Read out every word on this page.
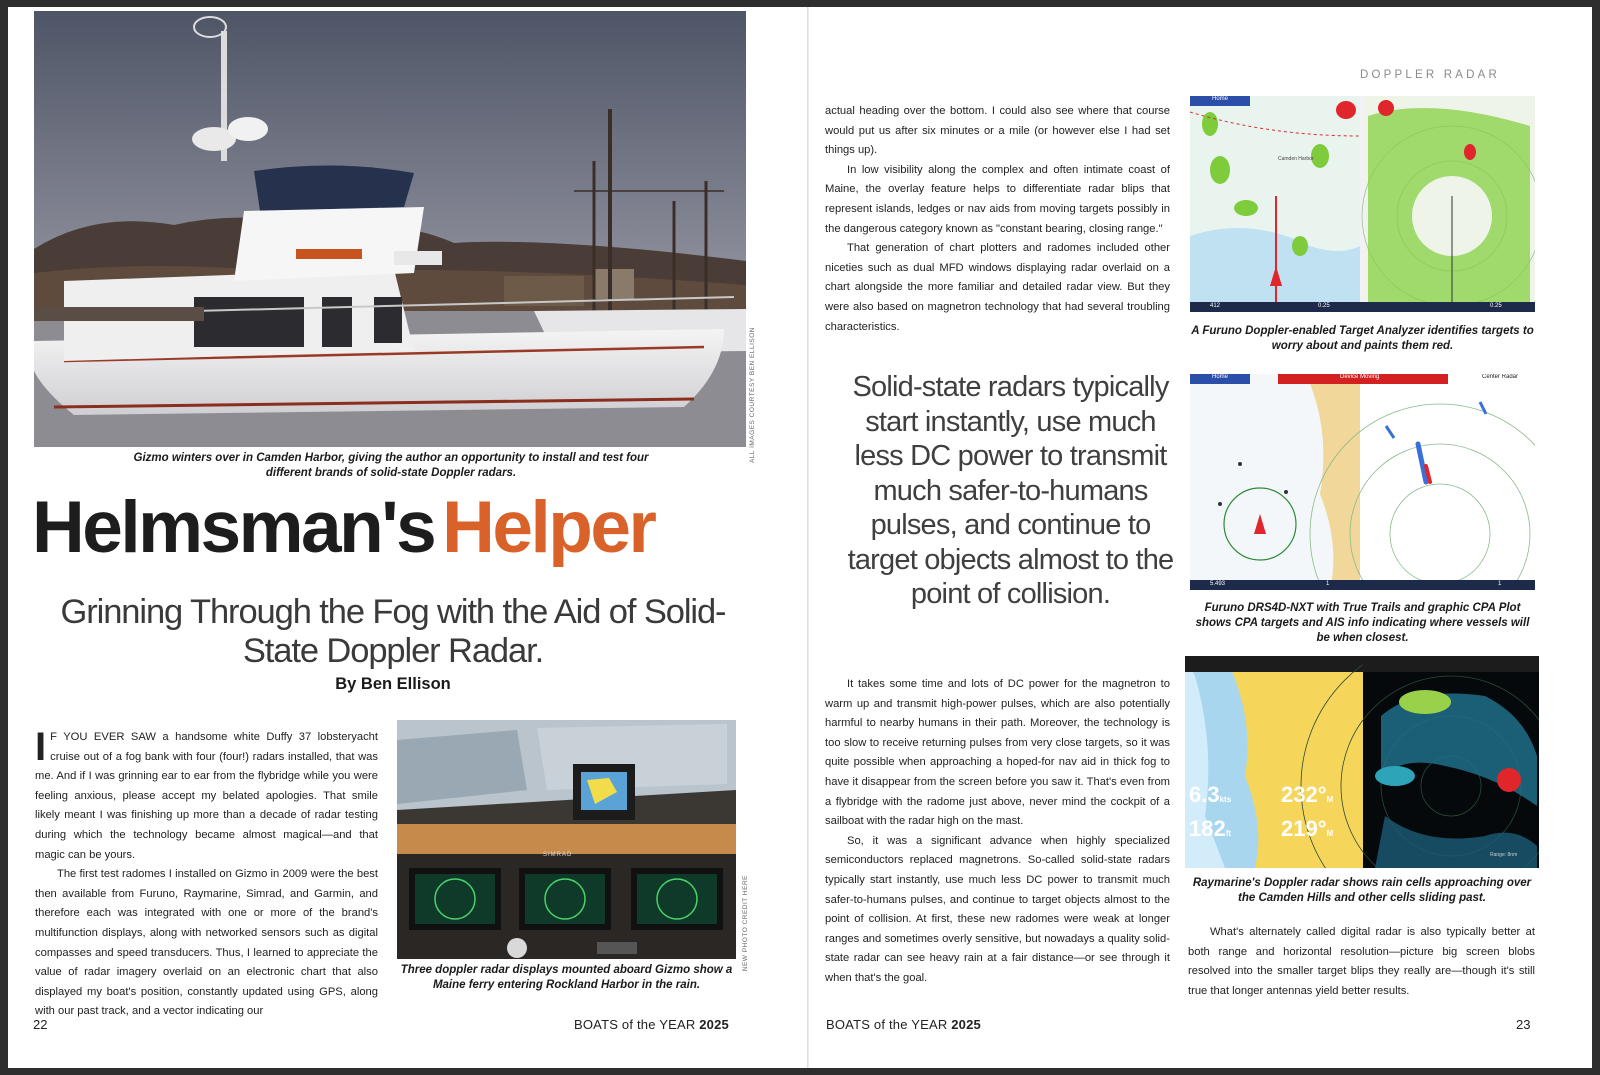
ALL IMAGES COURTESY BEN ELLISON
Gizmo winters over in Camden Harbor, giving the author an opportunity to install and test four different brands of solid-state Doppler radars.
Helmsman's Helper
Grinning Through the Fog with the Aid of Solid-State Doppler Radar.
By Ben Ellison

I F YOU EVER SAW a handsome white Duffy 37 lobsteryacht cruise out of a fog bank with four (four!) radars installed, that was me. And if I was grinning ear to ear from the flybridge while you were feeling anxious, please accept my belated apologies. That smile likely meant I was finishing up more than a decade of radar testing during which the technology became almost magical—and that magic can be yours.

The first test radomes I installed on Gizmo in 2009 were the best then available from Furuno, Raymarine, Simrad, and Garmin, and therefore each was integrated with one or more of the brand's multifunction displays, along with networked sensors such as digital compasses and speed transducers. Thus, I learned to appreciate the value of radar imagery overlaid on an electronic chart that also displayed my boat's position, constantly updated using GPS, along with our past track, and a vector indicating our

SIMRAD
NEW PHOTO CREDIT HERE
Three doppler radar displays mounted aboard Gizmo show a Maine ferry entering Rockland Harbor in the rain.
22	BOATS of the YEAR 2025
DOPPLER RADAR

actual heading over the bottom. I could also see where that course would put us after six minutes or a mile (or however else I had set things up).

In low visibility along the complex and often intimate coast of Maine, the overlay feature helps to differentiate radar blips that represent islands, ledges or nav aids from moving targets possibly in the dangerous category known as "constant bearing, closing range."

That generation of chart plotters and radomes included other niceties such as dual MFD windows displaying radar overlaid on a chart alongside the more familiar and detailed radar view. But they were also based on magnetron technology that had several troubling characteristics.

Solid-state radars typically start instantly, use much less DC power to transmit much safer-to-humans pulses, and continue to target objects almost to the point of collision.

It takes some time and lots of DC power for the magnetron to warm up and transmit high-power pulses, which are also potentially harmful to nearby humans in their path. Moreover, the technology is too slow to receive returning pulses from very close targets, so it was quite possible when approaching a hoped-for nav aid in thick fog to have it disappear from the screen before you saw it. That's even from a flybridge with the radome just above, never mind the cockpit of a sailboat with the radar high on the mast.

So, it was a significant advance when highly specialized semiconductors replaced magnetrons. So-called solid-state radars typically start instantly, use much less DC power to transmit much safer-to-humans pulses, and continue to target objects almost to the point of collision. At first, these new radomes were weak at longer ranges and sometimes overly sensitive, but nowadays a quality solid-state radar can see heavy rain at a fair distance—or see through it when that's the goal.

Home
Camden Harbor
412	0.25	0.25
A Furuno Doppler-enabled Target Analyzer identifies targets to worry about and paints them red.
Home	Device Moving	Center Radar
5.493	1	1
Furuno DRS4D-NXT with True Trails and graphic CPA Plot shows CPA targets and AIS info indicating where vessels will be when closest.
6.3kts 232°M
182ft 219°M
Range: 8nm
Raymarine's Doppler radar shows rain cells approaching over the Camden Hills and other cells sliding past.

What's alternately called digital radar is also typically better at both range and horizontal resolution—picture big screen blobs resolved into the smaller target blips they really are—though it's still true that longer antennas yield better results.

BOATS of the YEAR 2025	23
